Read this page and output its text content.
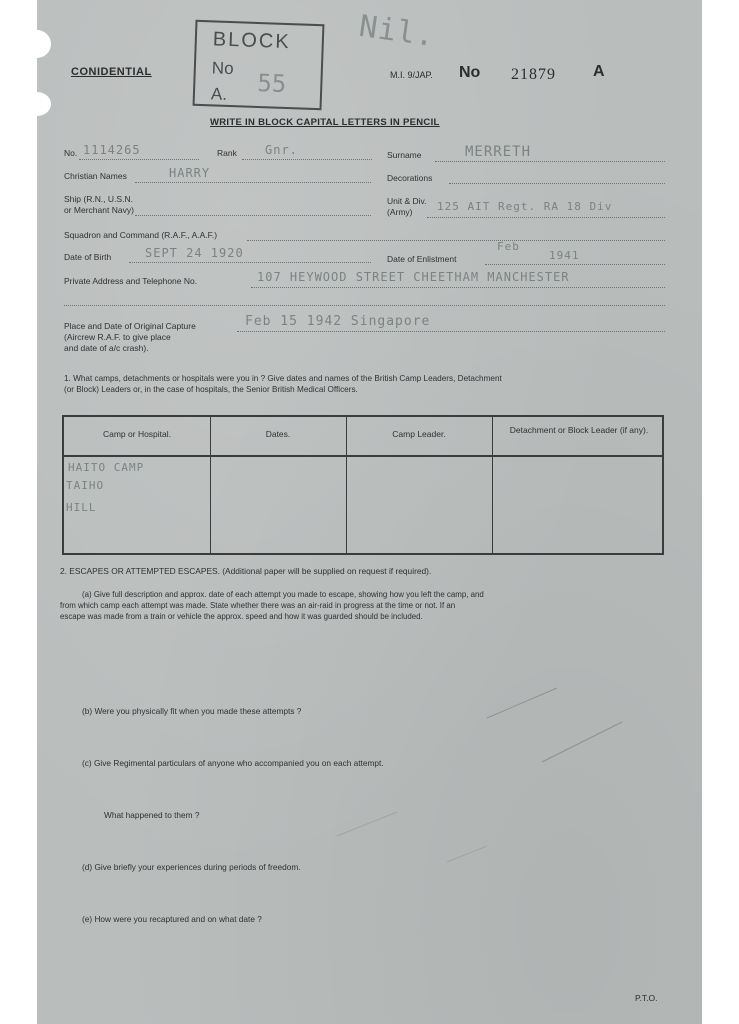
CONIDENTIAL
BLOCK
No
A. 55
Nil.
M.I. 9/JAP. No 21879 A
WRITE IN BLOCK CAPITAL LETTERS IN PENCIL
No. 1114265	Rank Gnr.	Surname	MERRETH
Christian Names	HARRY	Decorations
Ship (R.N., U.S.N.
or Merchant Navy)
Unit & Div.
(Army) 125 AIT Regt. RA 18 Div
Squadron and Command (R.A.F., A.A.F.)
Date of Birth	SEPT 24 1920	Date of Enlistment
Feb
1941
Private Address and Telephone No.	107 HEYWOOD STREET CHEETHAM MANCHESTER
Place and Date of Original Capture
(Aircrew R.A.F. to give place
and date of a/c crash).
Feb 15 1942 Singapore
1. What camps, detachments or hospitals were you in ? Give dates and names of the British Camp Leaders, Detachment
(or Block) Leaders or, in the case of hospitals, the Senior British Medical Officers.
Camp or Hospital.	Dates.	Camp Leader.	Detachment or Block Leader (if any).
HAITO CAMP
TAIHO
HILL
2. ESCAPES OR ATTEMPTED ESCAPES. (Additional paper will be supplied on request if required).
(a) Give full description and approx. date of each attempt you made to escape, showing how you left the camp, and
from which camp each attempt was made. State whether there was an air-raid in progress at the time or not. If an
escape was made from a train or vehicle the approx. speed and how it was guarded should be included.
(b) Were you physically fit when you made these attempts ?
(c) Give Regimental particulars of anyone who accompanied you on each attempt.
What happened to them ?
(d) Give briefly your experiences during periods of freedom.
(e) How were you recaptured and on what date ?
P.T.O.
